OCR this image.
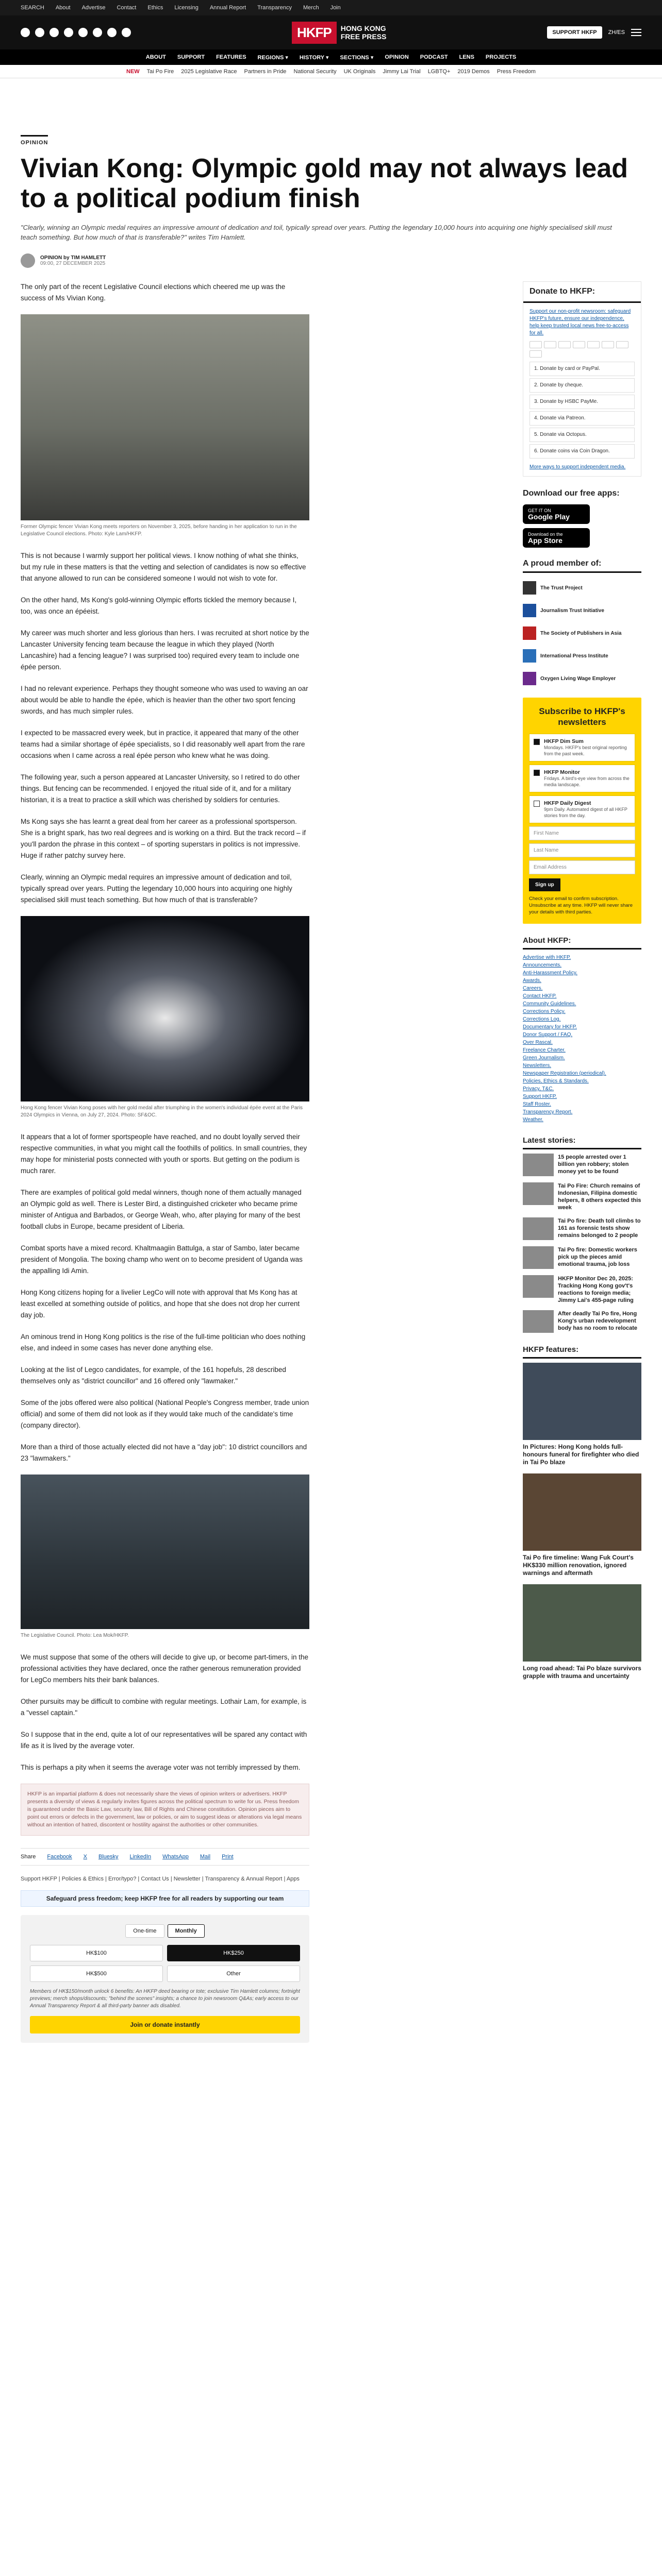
SEARCH About Advertise Contact Ethics Licensing Annual Report Transparency Merch Join
HKFP	HONG KONG
FREE PRESS	SUPPORT HKFP	ZH/ES
ABOUT SUPPORT FEATURES REGIONS ▾ HISTORY ▾ SECTIONS ▾ OPINION PODCAST LENS PROJECTS
NEW Tai Po Fire 2025 Legislative Race Partners in Pride National Security UK Originals Jimmy Lai Trial LGBTQ+ 2019 Demos Press Freedom
OPINION
Vivian Kong: Olympic gold may not always lead to a political podium finish

"Clearly, winning an Olympic medal requires an impressive amount of dedication and toil, typically spread over years. Putting the legendary 10,000 hours into acquiring one highly specialised skill must teach something. But how much of that is transferable?" writes Tim Hamlett.

OPINION by TIM HAMLETT
09:00, 27 DECEMBER 2025

The only part of the recent Legislative Council elections which cheered me up was the success of Ms Vivian Kong.

Former Olympic fencer Vivian Kong meets reporters on November 3, 2025, before handing in her application to run in the Legislative Council elections. Photo: Kyle Lam/HKFP.

This is not because I warmly support her political views. I know nothing of what she thinks, but my rule in these matters is that the vetting and selection of candidates is now so effective that anyone allowed to run can be considered someone I would not wish to vote for.

On the other hand, Ms Kong's gold-winning Olympic efforts tickled the memory because I, too, was once an épéeist.

My career was much shorter and less glorious than hers. I was recruited at short notice by the Lancaster University fencing team because the league in which they played (North Lancashire) had a fencing league? I was surprised too) required every team to include one épée person.

I had no relevant experience. Perhaps they thought someone who was used to waving an oar about would be able to handle the épée, which is heavier than the other two sport fencing swords, and has much simpler rules.

I expected to be massacred every week, but in practice, it appeared that many of the other teams had a similar shortage of épée specialists, so I did reasonably well apart from the rare occasions when I came across a real épée person who knew what he was doing.

The following year, such a person appeared at Lancaster University, so I retired to do other things. But fencing can be recommended. I enjoyed the ritual side of it, and for a military historian, it is a treat to practice a skill which was cherished by soldiers for centuries.

Ms Kong says she has learnt a great deal from her career as a professional sportsperson. She is a bright spark, has two real degrees and is working on a third. But the track record – if you'll pardon the phrase in this context – of sporting superstars in politics is not impressive. Huge if rather patchy survey here.

Clearly, winning an Olympic medal requires an impressive amount of dedication and toil, typically spread over years. Putting the legendary 10,000 hours into acquiring one highly specialised skill must teach something. But how much of that is transferable?

Hong Kong fencer Vivian Kong poses with her gold medal after triumphing in the women's individual épée event at the Paris 2024 Olympics in Vienna, on July 27, 2024. Photo: SF&OC.

It appears that a lot of former sportspeople have reached, and no doubt loyally served their respective communities, in what you might call the foothills of politics. In small countries, they may hope for ministerial posts connected with youth or sports. But getting on the podium is much rarer.

There are examples of political gold medal winners, though none of them actually managed an Olympic gold as well. There is Lester Bird, a distinguished cricketer who became prime minister of Antigua and Barbados, or George Weah, who, after playing for many of the best football clubs in Europe, became president of Liberia.

Combat sports have a mixed record. Khaltmaagiin Battulga, a star of Sambo, later became president of Mongolia. The boxing champ who went on to become president of Uganda was the appalling Idi Amin.

Hong Kong citizens hoping for a livelier LegCo will note with approval that Ms Kong has at least excelled at something outside of politics, and hope that she does not drop her current day job.

An ominous trend in Hong Kong politics is the rise of the full-time politician who does nothing else, and indeed in some cases has never done anything else.

Looking at the list of Legco candidates, for example, of the 161 hopefuls, 28 described themselves only as "district councillor" and 16 offered only "lawmaker."

Some of the jobs offered were also political (National People's Congress member, trade union official) and some of them did not look as if they would take much of the candidate's time (company director).

More than a third of those actually elected did not have a "day job": 10 district councillors and 23 "lawmakers."

The Legislative Council. Photo: Lea Mok/HKFP.

We must suppose that some of the others will decide to give up, or become part-timers, in the professional activities they have declared, once the rather generous remuneration provided for LegCo members hits their bank balances.

Other pursuits may be difficult to combine with regular meetings. Lothair Lam, for example, is a "vessel captain."

So I suppose that in the end, quite a lot of our representatives will be spared any contact with life as it is lived by the average voter.

This is perhaps a pity when it seems the average voter was not terribly impressed by them.

HKFP is an impartial platform & does not necessarily share the views of opinion writers or advertisers. HKFP presents a diversity of views & regularly invites figures across the political spectrum to write for us. Press freedom is guaranteed under the Basic Law, security law, Bill of Rights and Chinese constitution. Opinion pieces aim to point out errors or defects in the government, law or policies, or aim to suggest ideas or alterations via legal means without an intention of hatred, discontent or hostility against the authorities or other communities.
Share Facebook X Bluesky LinkedIn WhatsApp Mail Print
Support HKFP | Policies & Ethics | Error/typo? | Contact Us | Newsletter | Transparency & Annual Report | Apps
Safeguard press freedom; keep HKFP free for all readers by supporting our team
One-time	Monthly
HK$100	HK$250
HK$500	Other
Members of HK$150/month unlock 6 benefits: An HKFP deed bearing or tote; exclusive Tim Hamlett columns; fortnight previews; merch shops/discounts; "behind the scenes" insights; a chance to join newsroom Q&As; early access to our Annual Transparency Report & all third-party banner ads disabled.
Join or donate instantly
Donate to HKFP:
Support our non-profit newsroom: safeguard HKFP's future, ensure our independence, help keep trusted local news free-to-access for all.
1. Donate by card or PayPal.
2. Donate by cheque.
3. Donate by HSBC PayMe.
4. Donate via Patreon.
5. Donate via Octopus.
6. Donate coins via Coin Dragon.
More ways to support independent media.
Download our free apps:
GET IT ON
Google Play
Download on the
App Store
A proud member of:
The Trust Project
Journalism Trust Initiative
The Society of Publishers in Asia
International Press Institute
Oxygen Living Wage Employer
Subscribe to HKFP's newsletters
HKFP Dim Sum
Mondays. HKFP's best original reporting from the past week.
HKFP Monitor
Fridays. A bird's-eye view from across the media landscape.
HKFP Daily Digest
9pm Daily. Automated digest of all HKFP stories from the day.
First Name
Last Name
Email Address
Sign up
Check your email to confirm subscription. Unsubscribe at any time. HKFP will never share your details with third parties.
About HKFP:
Advertise with HKFP.
Announcements.
Anti-Harassment Policy.
Awards.
Careers.
Contact HKFP.
Community Guidelines.
Corrections Policy.
Corrections Log.
Documentary for HKFP.
Donor Support / FAQ.
Over Rascal.
Freelance Charter.
Green Journalism.
Newsletters.
Newspaper Registration (periodical).
Policies, Ethics & Standards.
Privacy, T&C.
Support HKFP.
Staff Roster.
Transparency Report.
Weather.
Latest stories:
15 people arrested over 1 billion yen robbery; stolen money yet to be found
Tai Po Fire: Church remains of Indonesian, Filipina domestic helpers, 8 others expected this week
Tai Po fire: Death toll climbs to 161 as forensic tests show remains belonged to 2 people
Tai Po fire: Domestic workers pick up the pieces amid emotional trauma, job loss
HKFP Monitor Dec 20, 2025: Tracking Hong Kong gov't's reactions to foreign media; Jimmy Lai's 455-page ruling
After deadly Tai Po fire, Hong Kong's urban redevelopment body has no room to relocate
HKFP features:
In Pictures: Hong Kong holds full-honours funeral for firefighter who died in Tai Po blaze
Tai Po fire timeline: Wang Fuk Court's HK$330 million renovation, ignored warnings and aftermath
Long road ahead: Tai Po blaze survivors grapple with trauma and uncertainty
